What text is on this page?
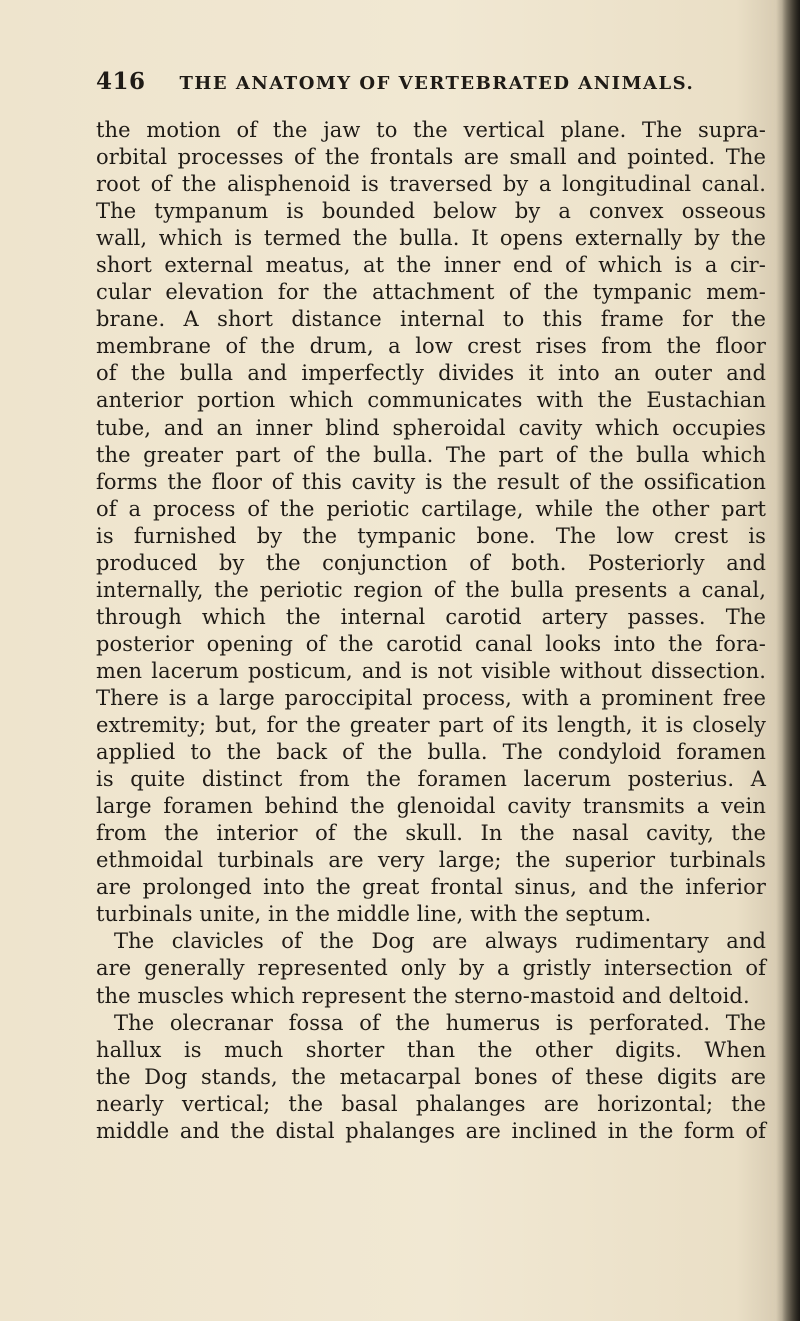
416 THE ANATOMY OF VERTEBRATED ANIMALS.
the motion of the jaw to the vertical plane. The supra-
orbital processes of the frontals are small and pointed. The
root of the alisphenoid is traversed by a longitudinal canal.
The tympanum is bounded below by a convex osseous
wall, which is termed the bulla. It opens externally by the
short external meatus, at the inner end of which is a cir-
cular elevation for the attachment of the tympanic mem-
brane. A short distance internal to this frame for the
membrane of the drum, a low crest rises from the floor
of the bulla and imperfectly divides it into an outer and
anterior portion which communicates with the Eustachian
tube, and an inner blind spheroidal cavity which occupies
the greater part of the bulla. The part of the bulla which
forms the floor of this cavity is the result of the ossification
of a process of the periotic cartilage, while the other part
is furnished by the tympanic bone. The low crest is
produced by the conjunction of both. Posteriorly and
internally, the periotic region of the bulla presents a canal,
through which the internal carotid artery passes. The
posterior opening of the carotid canal looks into the fora-
men lacerum posticum, and is not visible without dissection.
There is a large paroccipital process, with a prominent free
extremity; but, for the greater part of its length, it is closely
applied to the back of the bulla. The condyloid foramen
is quite distinct from the foramen lacerum posterius. A
large foramen behind the glenoidal cavity transmits a vein
from the interior of the skull. In the nasal cavity, the
ethmoidal turbinals are very large; the superior turbinals
are prolonged into the great frontal sinus, and the inferior
turbinals unite, in the middle line, with the septum.
The clavicles of the Dog are always rudimentary and
are generally represented only by a gristly intersection of
the muscles which represent the sterno-mastoid and deltoid.
The olecranar fossa of the humerus is perforated. The
hallux is much shorter than the other digits. When
the Dog stands, the metacarpal bones of these digits are
nearly vertical; the basal phalanges are horizontal; the
middle and the distal phalanges are inclined in the form of
